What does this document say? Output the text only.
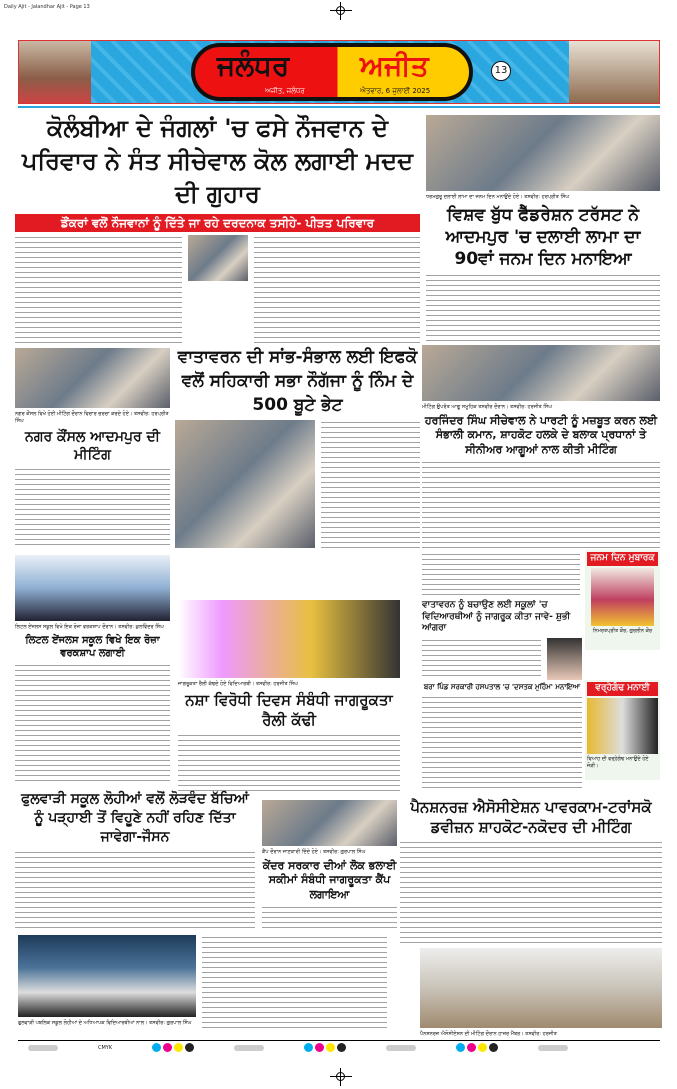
Daily Ajit - Jalandhar Ajit - Page 13
ਜਲੰਧਰ	ਅਜੀਤ
ਅਜੀਤ, ਜਲੰਧਰ	ਐਤਵਾਰ, 6 ਜੁਲਾਈ 2025
13
ਕੋਲੰਬੀਆ ਦੇ ਜੰਗਲਾਂ 'ਚ ਫਸੇ ਨੌਜਵਾਨ ਦੇ ਪਰਿਵਾਰ ਨੇ ਸੰਤ ਸੀਚੇਵਾਲ ਕੋਲ ਲਗਾਈ ਮਦਦ ਦੀ ਗੁਹਾਰ
ਡੌਂਕਰਾਂ ਵਲੋਂ ਨੌਜਵਾਨਾਂ ਨੂੰ ਦਿੱਤੇ ਜਾ ਰਹੇ ਦਰਦਨਾਕ ਤਸੀਹੇ- ਪੀੜਤ ਪਰਿਵਾਰ
ਧਰਮਗੁਰੂ ਦਲਾਈ ਲਾਮਾ ਦਾ ਜਨਮ ਦਿਨ ਮਨਾਉਂਦੇ ਹੋਏ। ਤਸਵੀਰ: ਹਰਪ੍ਰੀਤ ਸਿੰਘ
ਵਿਸ਼ਵ ਬੁੱਧ ਫੈੱਡਰੇਸ਼ਨ ਟਰੱਸਟ ਨੇ ਆਦਮਪੁਰ 'ਚ ਦਲਾਈ ਲਾਮਾ ਦਾ 90ਵਾਂ ਜਨਮ ਦਿਨ ਮਨਾਇਆ
ਨਗਰ ਕੌਂਸਲ ਵਿਖੇ ਹੋਈ ਮੀਟਿੰਗ ਦੌਰਾਨ ਵਿਚਾਰ ਚਰਚਾ ਕਰਦੇ ਹੋਏ। ਤਸਵੀਰ: ਹਰਪ੍ਰੀਤ ਸਿੰਘ
ਨਗਰ ਕੌਂਸਲ ਆਦਮਪੁਰ ਦੀ ਮੀਟਿੰਗ
ਵਾਤਾਵਰਨ ਦੀ ਸਾਂਭ-ਸੰਭਾਲ ਲਈ ਇਫਕੋ ਵਲੋਂ ਸਹਿਕਾਰੀ ਸਭਾ ਨੌਗੱਜਾ ਨੂੰ ਨਿੰਮ ਦੇ 500 ਬੂਟੇ ਭੇਟ	ਮੀਟਿੰਗ ਉਪਰੰਤ ਆਗੂ ਸਮੂਹਿਕ ਤਸਵੀਰ ਦੌਰਾਨ। ਤਸਵੀਰ: ਹਰਜੀਤ ਸਿੰਘ
ਹਰਜਿੰਦਰ ਸਿੰਘ ਸੀਚੇਵਾਲ ਨੇ ਪਾਰਟੀ ਨੂੰ ਮਜ਼ਬੂਤ ਕਰਨ ਲਈ ਸੰਭਾਲੀ ਕਮਾਨ, ਸ਼ਾਹਕੋਟ ਹਲਕੇ ਦੇ ਬਲਾਕ ਪ੍ਰਧਾਨਾਂ ਤੇ ਸੀਨੀਅਰ ਆਗੂਆਂ ਨਾਲ ਕੀਤੀ ਮੀਟਿੰਗ
ਜਨਮ ਦਿਨ ਮੁਬਾਰਕ
ਨਿਮਰਤਪ੍ਰੀਤ ਕੌਰ, ਗੁਰਲੀਨ ਕੌਰ
ਲਿਟਲ ਏਂਜਲਸ ਸਕੂਲ ਵਿਖੇ ਇਕ ਰੋਜ਼ਾ ਵਰਕਸ਼ਾਪ ਦੌਰਾਨ। ਤਸਵੀਰ: ਕੁਲਵਿੰਦਰ ਸਿੰਘ
ਲਿਟਲ ਏਂਜਲਸ ਸਕੂਲ ਵਿਖੇ ਇਕ ਰੋਜ਼ਾ ਵਰਕਸ਼ਾਪ ਲਗਾਈ
ਜਾਗਰੂਕਤਾ ਰੈਲੀ ਕੱਢਦੇ ਹੋਏ ਵਿਦਿਆਰਥੀ। ਤਸਵੀਰ: ਹਰਜੀਤ ਸਿੰਘ
ਨਸ਼ਾ ਵਿਰੋਧੀ ਦਿਵਸ ਸੰਬੰਧੀ ਜਾਗਰੂਕਤਾ ਰੈਲੀ ਕੱਢੀ
ਵਾਤਾਵਰਨ ਨੂੰ ਬਚਾਉਣ ਲਈ ਸਕੂਲਾਂ 'ਚ ਵਿਦਿਆਰਥੀਆਂ ਨੂੰ ਜਾਗਰੂਕ ਕੀਤਾ ਜਾਵੇ- ਸ਼ੁਭੀ ਆਂਗਰਾ
ਬਰਾ ਪਿੰਡ ਸਰਕਾਰੀ ਹਸਪਤਾਲ 'ਚ 'ਦਸਤਕ ਮੁਹਿੰਮ' ਮਨਾਇਆ	ਵਰ੍ਹੇਗੰਢ ਮਨਾਈ
ਵਿਆਹ ਦੀ ਵਰ੍ਹੇਗੰਢ ਮਨਾਉਂਦੇ ਹੋਏ ਜੋੜੀ।
ਫੁਲਵਾੜੀ ਸਕੂਲ ਲੋਹੀਆਂ ਵਲੋਂ ਲੋੜਵੰਦ ਬੱਚਿਆਂ ਨੂੰ ਪੜ੍ਹਾਈ ਤੋਂ ਵਿਹੂਣੇ ਨਹੀਂ ਰਹਿਣ ਦਿੱਤਾ ਜਾਵੇਗਾ-ਜੌਸਨ
ਫੁਲਵਾੜੀ ਪਬਲਿਕ ਸਕੂਲ ਲੋਹੀਆਂ ਦੇ ਅਧਿਆਪਕ ਵਿਦਿਆਰਥੀਆਂ ਨਾਲ। ਤਸਵੀਰ: ਗੁਰਪਾਲ ਸਿੰਘ
ਕੈਂਪ ਦੌਰਾਨ ਜਾਣਕਾਰੀ ਦਿੰਦੇ ਹੋਏ। ਤਸਵੀਰ: ਗੁਰਪਾਲ ਸਿੰਘ
ਕੇਂਦਰ ਸਰਕਾਰ ਦੀਆਂ ਲੋਕ ਭਲਾਈ ਸਕੀਮਾਂ ਸੰਬੰਧੀ ਜਾਗਰੂਕਤਾ ਕੈਂਪ ਲਗਾਇਆ
ਪੈਨਸ਼ਨਰਜ਼ ਐਸੋਸੀਏਸ਼ਨ ਪਾਵਰਕਾਮ-ਟਰਾਂਸਕੋ ਡਵੀਜ਼ਨ ਸ਼ਾਹਕੋਟ-ਨਕੋਦਰ ਦੀ ਮੀਟਿੰਗ
ਪੈਨਸ਼ਨਰਜ਼ ਐਸੋਸੀਏਸ਼ਨ ਦੀ ਮੀਟਿੰਗ ਦੌਰਾਨ ਹਾਜ਼ਰ ਮੈਂਬਰ। ਤਸਵੀਰ: ਹਰਜੀਤ
CMYK
